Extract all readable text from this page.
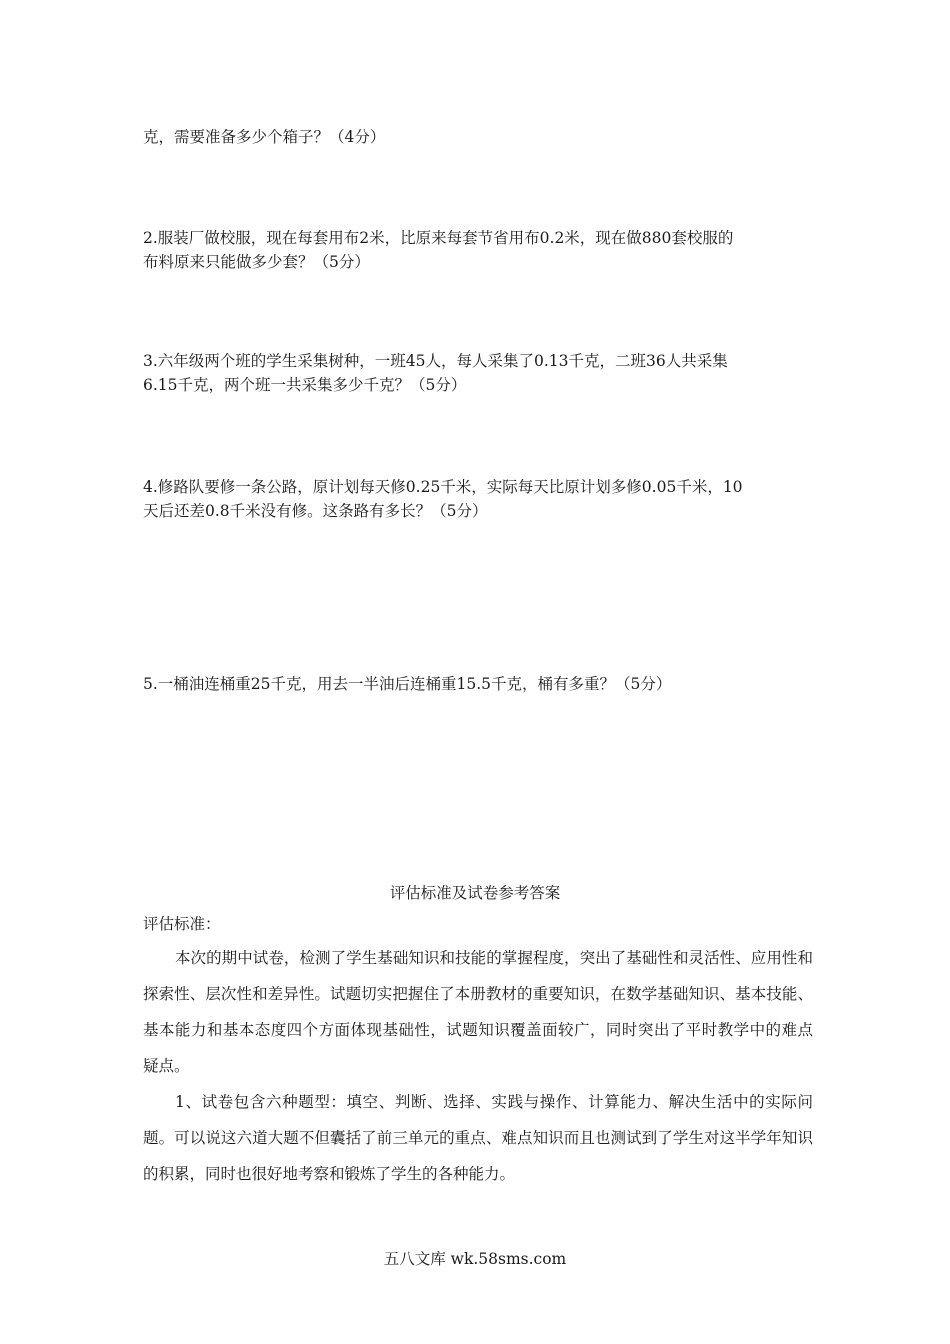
克，需要准备多少个箱子？（4分）
2.服装厂做校服，现在每套用布2米，比原来每套节省用布0.2米，现在做880套校服的
布料原来只能做多少套？（5分）
3.六年级两个班的学生采集树种，一班45人，每人采集了0.13千克，二班36人共采集
6.15千克，两个班一共采集多少千克？（5分）
4.修路队要修一条公路，原计划每天修0.25千米，实际每天比原计划多修0.05千米，10
天后还差0.8千米没有修。这条路有多长？（5分）
5.一桶油连桶重25千克，用去一半油后连桶重15.5千克，桶有多重？（5分）
评估标准及试卷参考答案
评估标准：
本次的期中试卷，检测了学生基础知识和技能的掌握程度，突出了基础性和灵活性、应用性和探索性、层次性和差异性。试题切实把握住了本册教材的重要知识，在数学基础知识、基本技能、基本能力和基本态度四个方面体现基础性，试题知识覆盖面较广，同时突出了平时教学中的难点 疑点。
1、试卷包含六种题型：填空、判断、选择、实践与操作、计算能力、解决生活中的实际问题。可以说这六道大题不但囊括了前三单元的重点、难点知识而且也测试到了学生对这半学年知识的积累，同时也很好地考察和锻炼了学生的各种能力。
五八文库 wk.58sms.com
